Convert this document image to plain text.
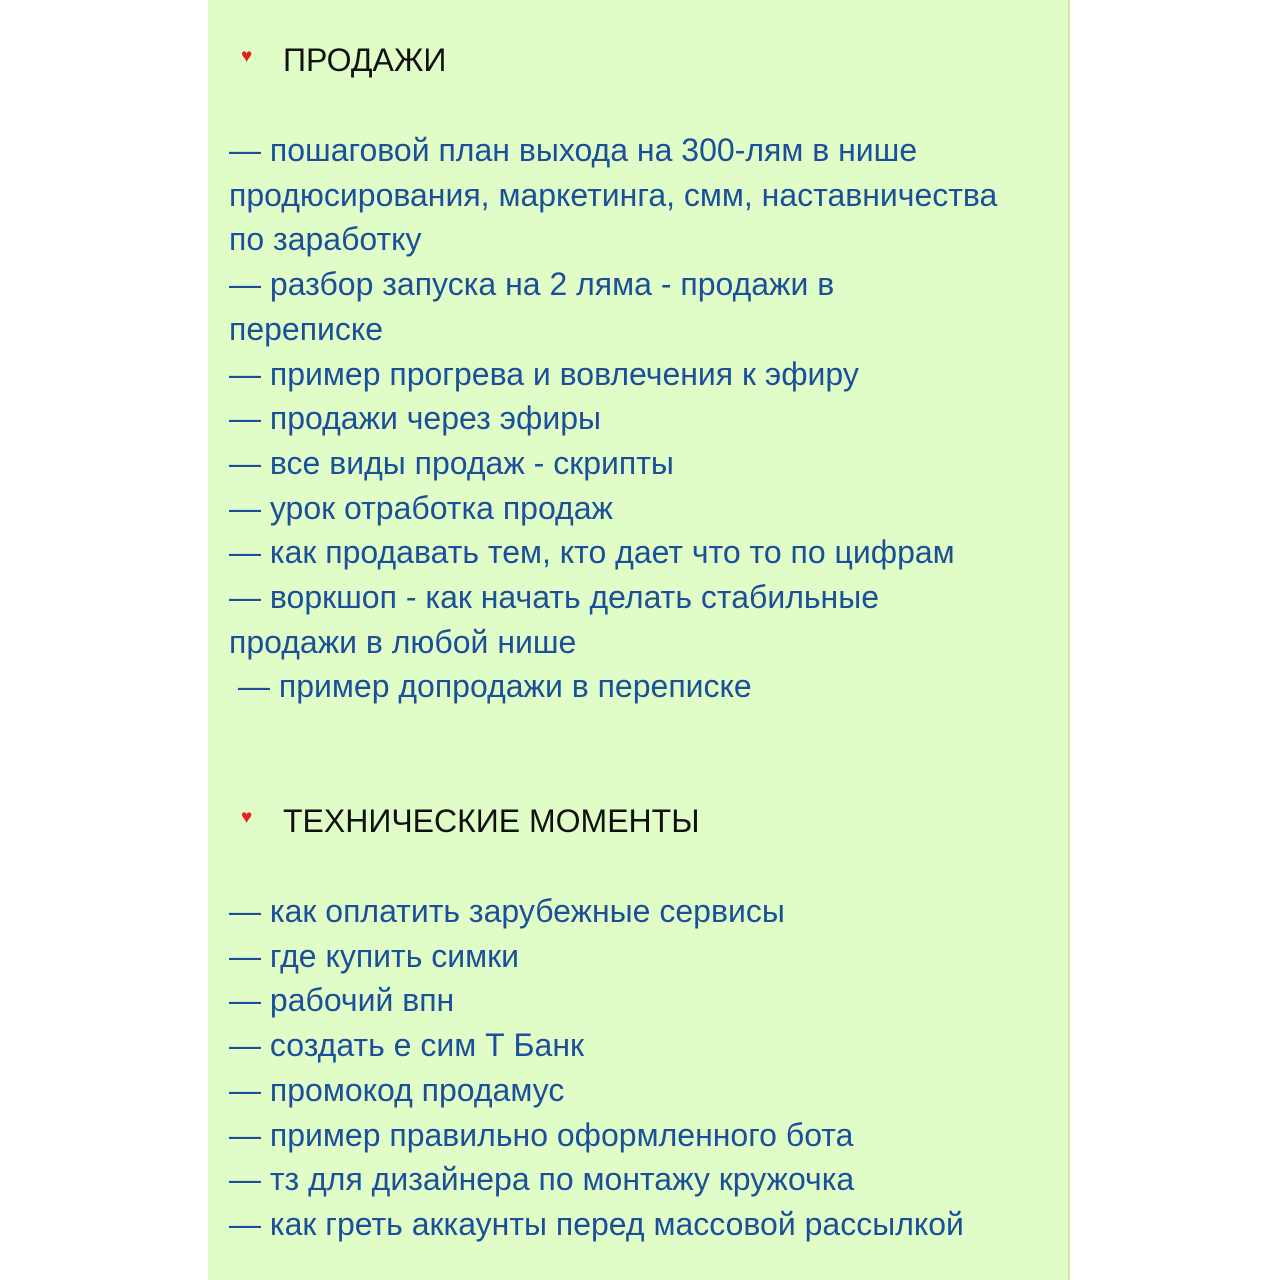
♥ ПРОДАЖИ
— пошаговой план выхода на 300-лям в нише продюсирования, маркетинга, смм, наставничества по заработку
— разбор запуска на 2 ляма - продажи в переписке
— пример прогрева и вовлечения к эфиру
— продажи через эфиры
— все виды продаж - скрипты
— урок отработка продаж
— как продавать тем, кто дает что то по цифрам
— воркшоп - как начать делать стабильные продажи в любой нише
— пример допродажи в переписке
♥ ТЕХНИЧЕСКИЕ МОМЕНТЫ
— как оплатить зарубежные сервисы
— где купить симки
— рабочий впн
— создать е сим Т Банк
— промокод продамус
— пример правильно оформленного бота
— тз для дизайнера по монтажу кружочка
— как греть аккаунты перед массовой рассылкой
